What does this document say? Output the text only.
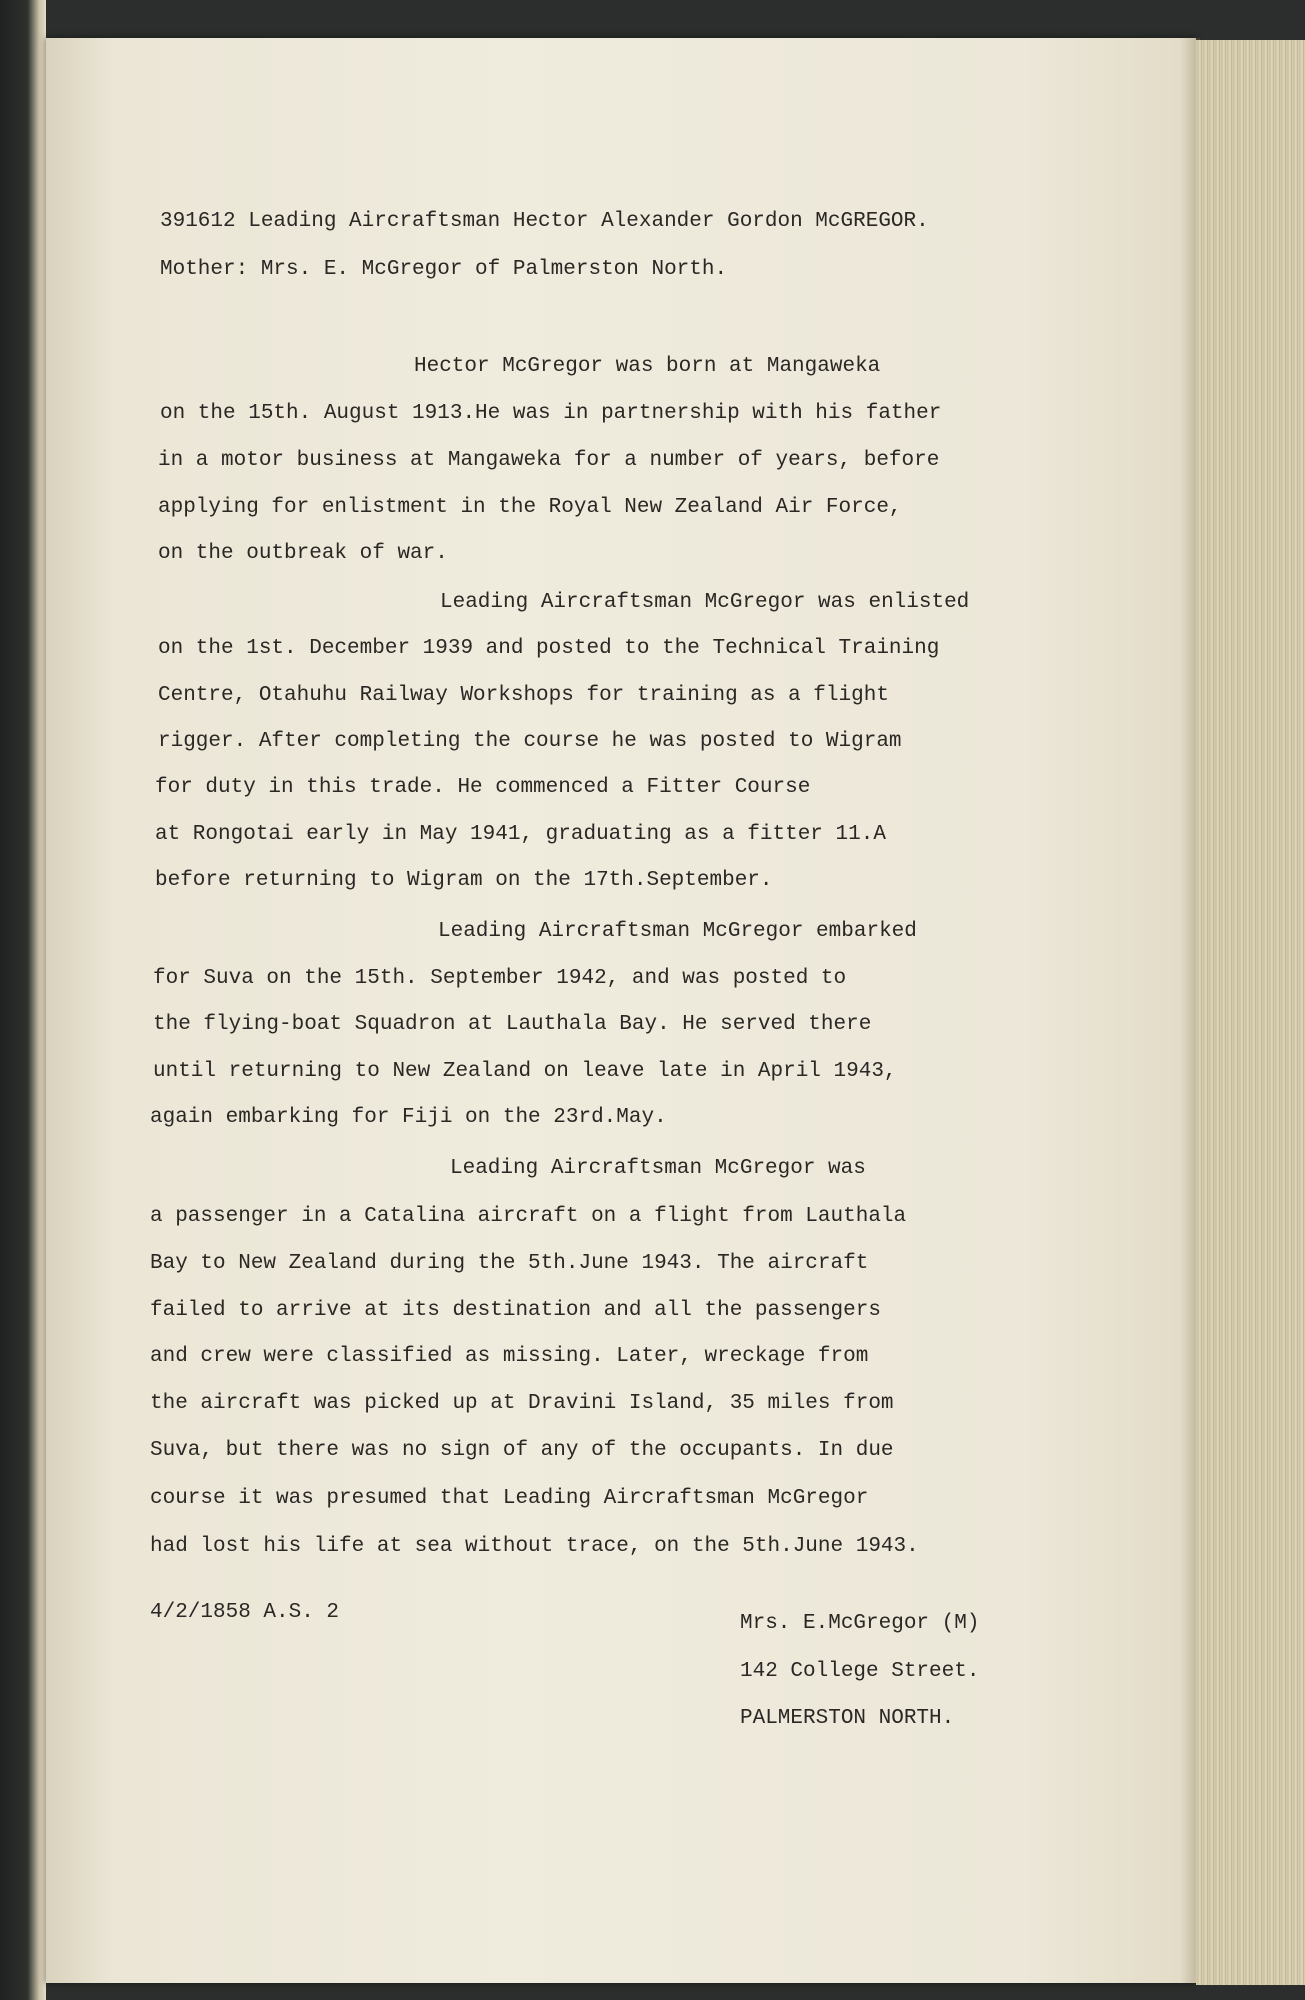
391612 Leading Aircraftsman Hector Alexander Gordon McGREGOR.
Mother: Mrs. E. McGregor of Palmerston North.
Hector McGregor was born at Mangaweka
on the 15th. August 1913.He was in partnership with his father
in a motor business at Mangaweka for a number of years, before
applying for enlistment in the Royal New Zealand Air Force,
on the outbreak of war.
Leading Aircraftsman McGregor was enlisted
on the 1st. December 1939 and posted to the Technical Training
Centre, Otahuhu Railway Workshops for training as a flight
rigger. After completing the course he was posted to Wigram
for duty in this trade. He commenced a Fitter Course
at Rongotai early in May 1941, graduating as a fitter 11.A
before returning to Wigram on the 17th.September.
Leading Aircraftsman McGregor embarked
for Suva on the 15th. September 1942, and was posted to
the flying-boat Squadron at Lauthala Bay. He served there
until returning to New Zealand on leave late in April 1943,
again embarking for Fiji on the 23rd.May.
Leading Aircraftsman McGregor was
a passenger in a Catalina aircraft on a flight from Lauthala
Bay to New Zealand during the 5th.June 1943. The aircraft
failed to arrive at its destination and all the passengers
and crew were classified as missing. Later, wreckage from
the aircraft was picked up at Dravini Island, 35 miles from
Suva, but there was no sign of any of the occupants. In due
course it was presumed that Leading Aircraftsman McGregor
had lost his life at sea without trace, on the 5th.June 1943.
4/2/1858 A.S. 2	Mrs. E.McGregor (M)
142 College Street.
PALMERSTON NORTH.
